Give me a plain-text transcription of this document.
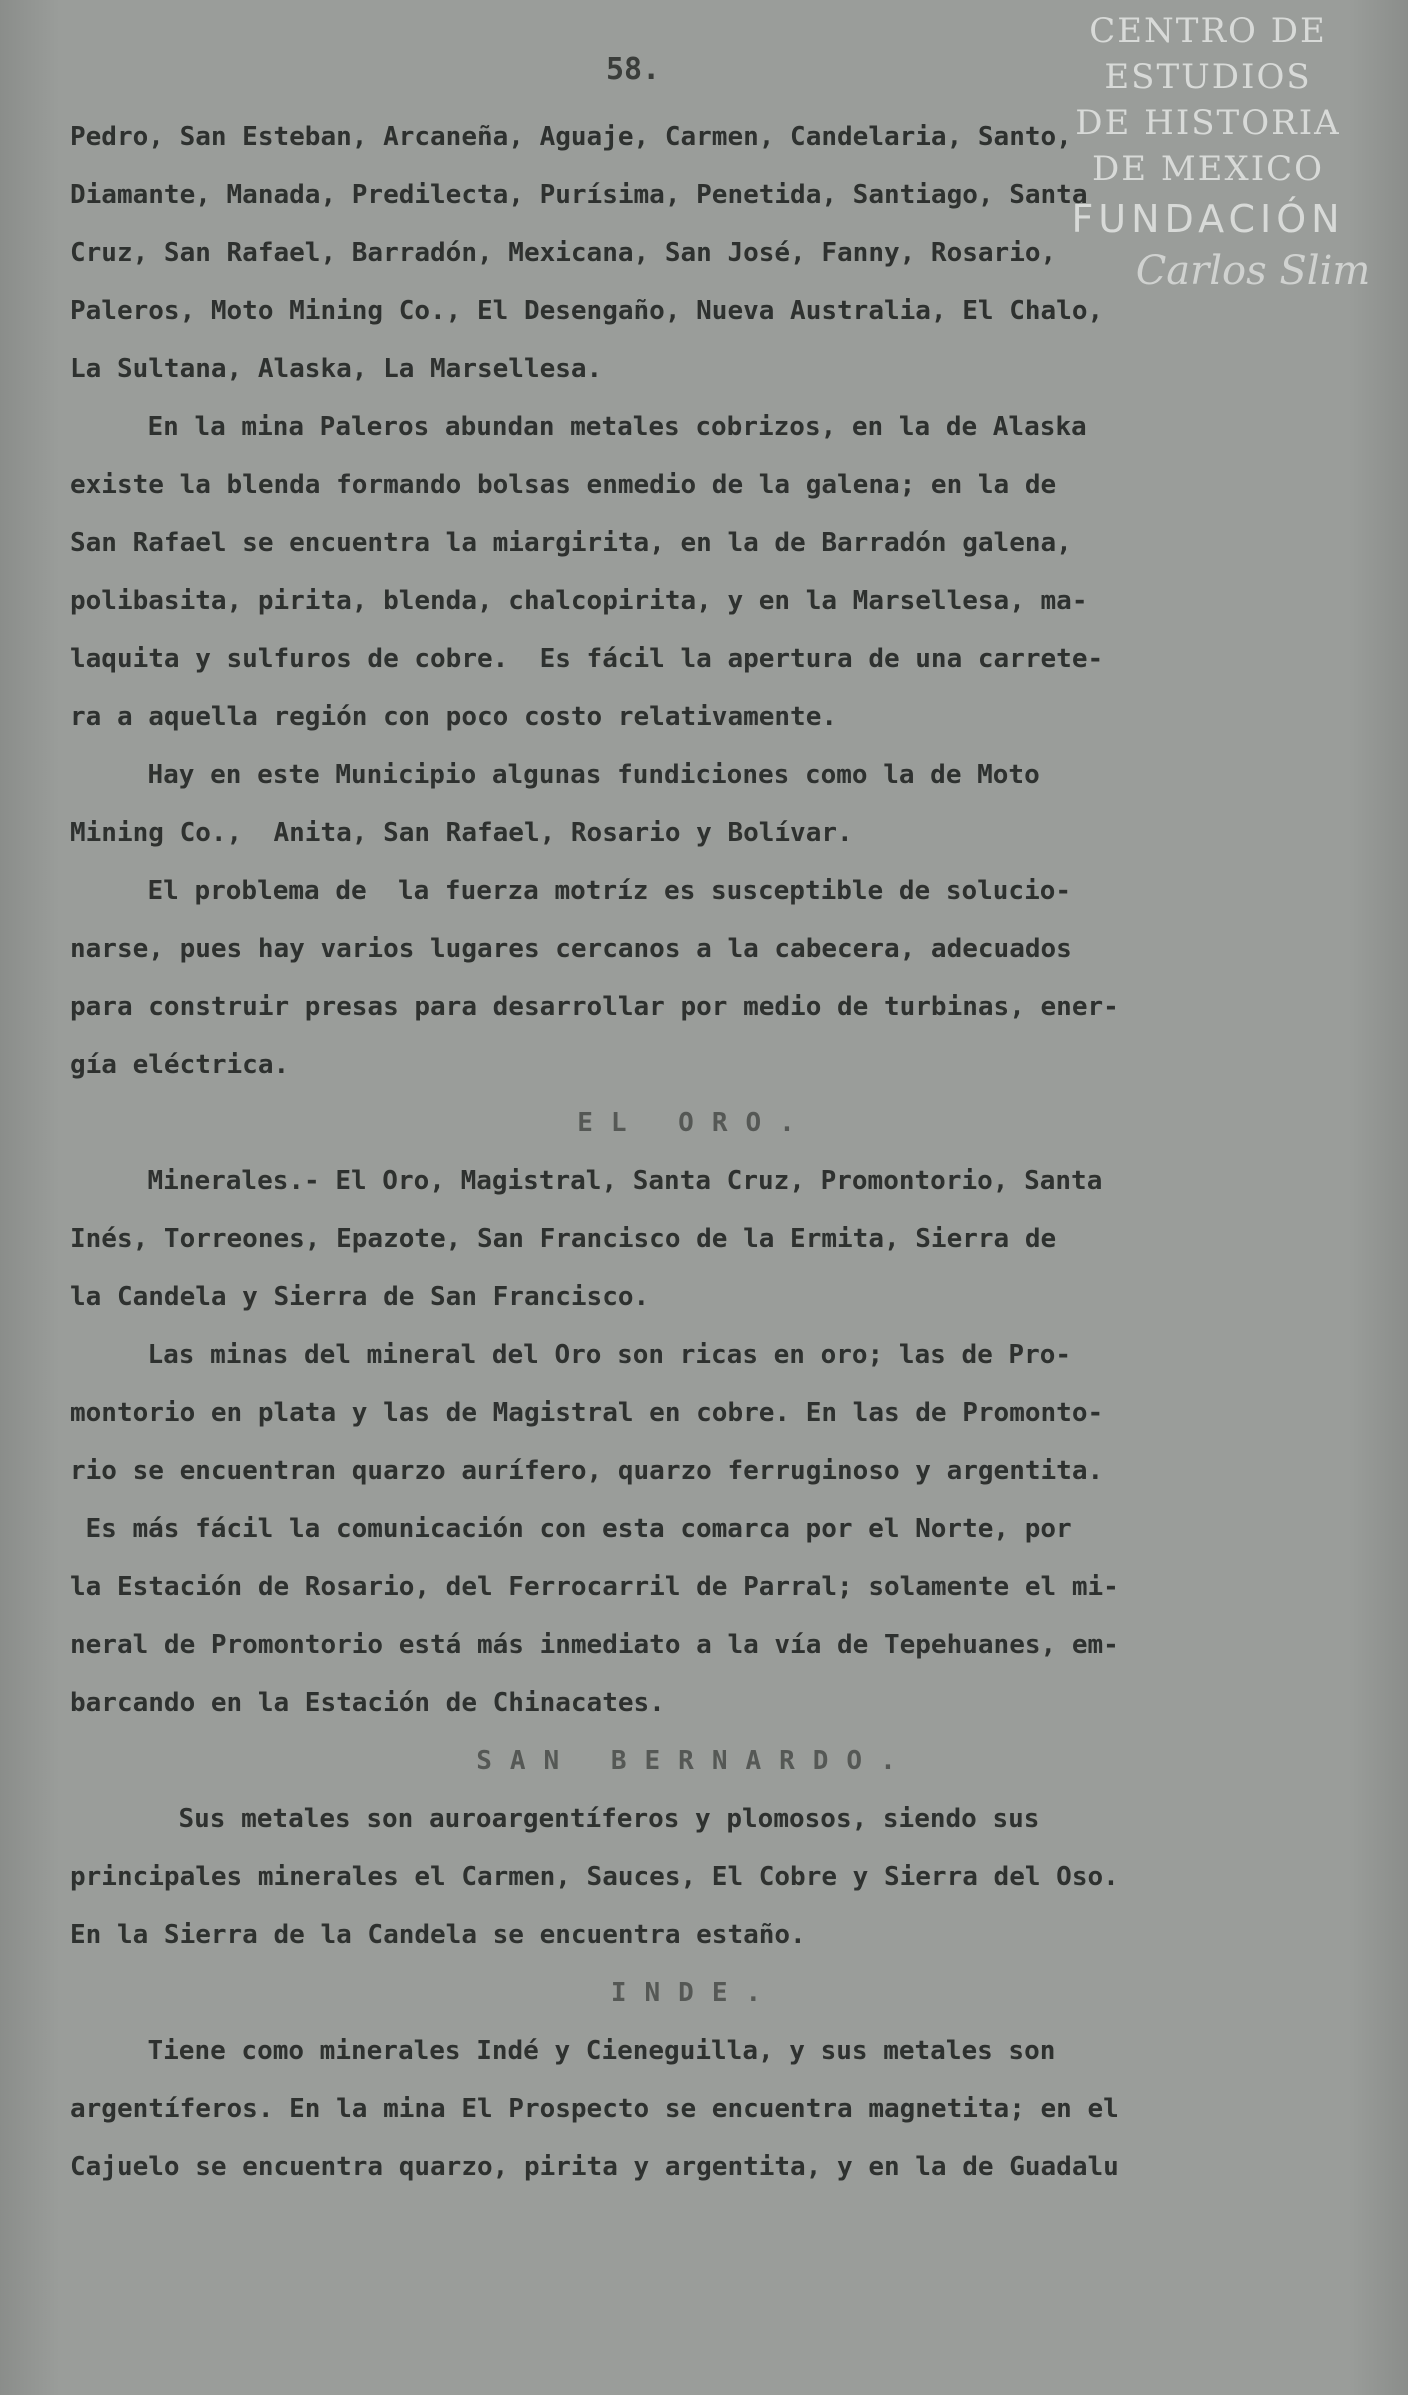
CENTRO DE
ESTUDIOS
DE HISTORIA
DE MEXICO
FUNDACIÓN
Carlos Slim
58.
Pedro, San Esteban, Arcaneña, Aguaje, Carmen, Candelaria, Santo,
Diamante, Manada, Predilecta, Purísima, Penetida, Santiago, Santa
Cruz, San Rafael, Barradón, Mexicana, San José, Fanny, Rosario,
Paleros, Moto Mining Co., El Desengaño, Nueva Australia, El Chalo,
La Sultana, Alaska, La Marsellesa.
En la mina Paleros abundan metales cobrizos, en la de Alaska
existe la blenda formando bolsas enmedio de la galena; en la de
San Rafael se encuentra la miargirita, en la de Barradón galena,
polibasita, pirita, blenda, chalcopirita, y en la Marsellesa, ma-
laquita y sulfuros de cobre.  Es fácil la apertura de una carrete-
ra a aquella región con poco costo relativamente.
Hay en este Municipio algunas fundiciones como la de Moto
Mining Co.,  Anita, San Rafael, Rosario y Bolívar.
El problema de  la fuerza motríz es susceptible de solucio-
narse, pues hay varios lugares cercanos a la cabecera, adecuados
para construir presas para desarrollar por medio de turbinas, ener-
gía eléctrica.
EL ORO.
Minerales.- El Oro, Magistral, Santa Cruz, Promontorio, Santa
Inés, Torreones, Epazote, San Francisco de la Ermita, Sierra de
la Candela y Sierra de San Francisco.
Las minas del mineral del Oro son ricas en oro; las de Pro-
montorio en plata y las de Magistral en cobre. En las de Promonto-
rio se encuentran quarzo aurífero, quarzo ferruginoso y argentita.
Es más fácil la comunicación con esta comarca por el Norte, por
la Estación de Rosario, del Ferrocarril de Parral; solamente el mi-
neral de Promontorio está más inmediato a la vía de Tepehuanes, em-
barcando en la Estación de Chinacates.
SAN BERNARDO.
Sus metales son auroargentíferos y plomosos, siendo sus
principales minerales el Carmen, Sauces, El Cobre y Sierra del Oso.
En la Sierra de la Candela se encuentra estaño.
INDE.
Tiene como minerales Indé y Cieneguilla, y sus metales son
argentíferos. En la mina El Prospecto se encuentra magnetita; en el
Cajuelo se encuentra quarzo, pirita y argentita, y en la de Guadalu
